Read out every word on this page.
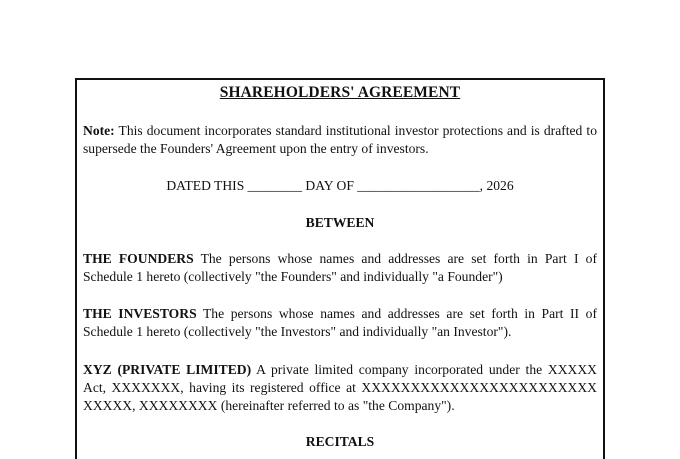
SHAREHOLDERS' AGREEMENT
Note: This document incorporates standard institutional investor protections and is drafted to supersede the Founders' Agreement upon the entry of investors.
DATED THIS ________ DAY OF __________________, 2026
BETWEEN
THE FOUNDERS The persons whose names and addresses are set forth in Part I of Schedule 1 hereto (collectively "the Founders" and individually "a Founder")
THE INVESTORS The persons whose names and addresses are set forth in Part II of Schedule 1 hereto (collectively "the Investors" and individually "an Investor").
XYZ (PRIVATE LIMITED) A private limited company incorporated under the XXXXX Act, XXXXXXX, having its registered office at XXXXXXXXXXXXXXXXXXXXXXXX XXXXX, XXXXXXXX (hereinafter referred to as "the Company").
RECITALS
